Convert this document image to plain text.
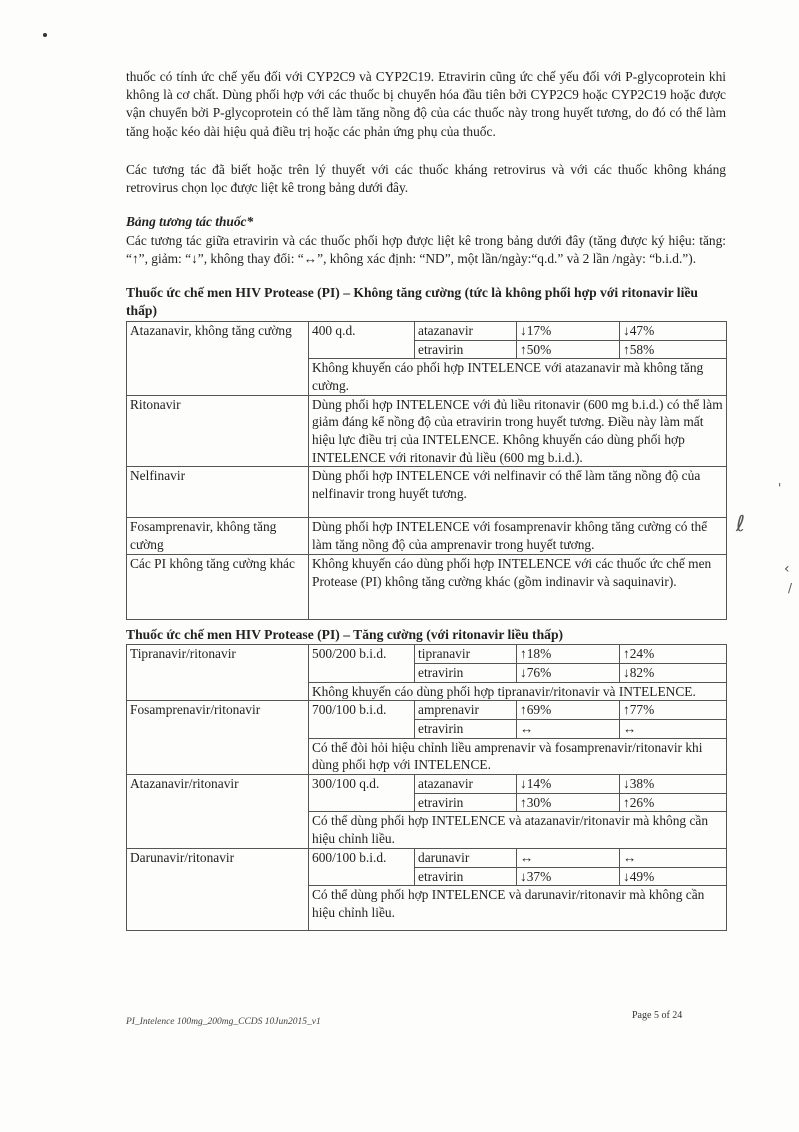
thuốc có tính ức chế yếu đối với CYP2C9 và CYP2C19. Etravirin cũng ức chế yếu đối với P-glycoprotein khi không là cơ chất. Dùng phối hợp với các thuốc bị chuyển hóa đầu tiên bởi CYP2C9 hoặc CYP2C19 hoặc được vận chuyển bởi P-glycoprotein có thể làm tăng nồng độ của các thuốc này trong huyết tương, do đó có thể làm tăng hoặc kéo dài hiệu quả điều trị hoặc các phản ứng phụ của thuốc.

Các tương tác đã biết hoặc trên lý thuyết với các thuốc kháng retrovirus và với các thuốc không kháng retrovirus chọn lọc được liệt kê trong bảng dưới đây.

Bảng tương tác thuốc*

Các tương tác giữa etravirin và các thuốc phối hợp được liệt kê trong bảng dưới đây (tăng được ký hiệu: tăng: “↑”, giảm: “↓”, không thay đổi: “↔”, không xác định: “ND”, một lần/ngày:“q.d.” và 2 lần /ngày: “b.i.d.”).

Thuốc ức chế men HIV Protease (PI) – Không tăng cường (tức là không phối hợp với ritonavir liều thấp)

Atazanavir, không tăng cường	400 q.d.	atazanavir	↓17%	↓47%
		etravirin	↑50%	↑58%
	Không khuyến cáo phối hợp INTELENCE với atazanavir mà không tăng cường.			
Ritonavir	Dùng phối hợp INTELENCE với đủ liều ritonavir (600 mg b.i.d.) có thể làm giảm đáng kể nồng độ của etravirin trong huyết tương. Điều này làm mất hiệu lực điều trị của INTELENCE. Không khuyến cáo dùng phối hợp INTELENCE với ritonavir đủ liều (600 mg b.i.d.).			
Nelfinavir	Dùng phối hợp INTELENCE với nelfinavir có thể làm tăng nồng độ của nelfinavir trong huyết tương.			
Fosamprenavir, không tăng cường	Dùng phối hợp INTELENCE với fosamprenavir không tăng cường có thể làm tăng nồng độ của amprenavir trong huyết tương.			
Các PI không tăng cường khác	Không khuyến cáo dùng phối hợp INTELENCE với các thuốc ức chế men Protease (PI) không tăng cường khác (gồm indinavir và saquinavir).			

Thuốc ức chế men HIV Protease (PI) – Tăng cường (với ritonavir liều thấp)

Tipranavir/ritonavir	500/200 b.i.d.	tipranavir	↑18%	↑24%
		etravirin	↓76%	↓82%
	Không khuyến cáo dùng phối hợp tipranavir/ritonavir và INTELENCE.			
Fosamprenavir/ritonavir	700/100 b.i.d.	amprenavir	↑69%	↑77%
		etravirin	↔	↔
	Có thể đòi hỏi hiệu chỉnh liều amprenavir và fosamprenavir/ritonavir khi dùng phối hợp với INTELENCE.			
Atazanavir/ritonavir	300/100 q.d.	atazanavir	↓14%	↓38%
		etravirin	↑30%	↑26%
	Có thể dùng phối hợp INTELENCE và atazanavir/ritonavir mà không cần hiệu chỉnh liều.			
Darunavir/ritonavir	600/100 b.i.d.	darunavir	↔	↔
		etravirin	↓37%	↓49%
	Có thể dùng phối hợp INTELENCE và darunavir/ritonavir mà không cần hiệu chỉnh liều.			
Page 5 of 24
PI_Intelence 100mg_200mg_CCDS 10Jun2015_v1
ℓ
'
‹
/
